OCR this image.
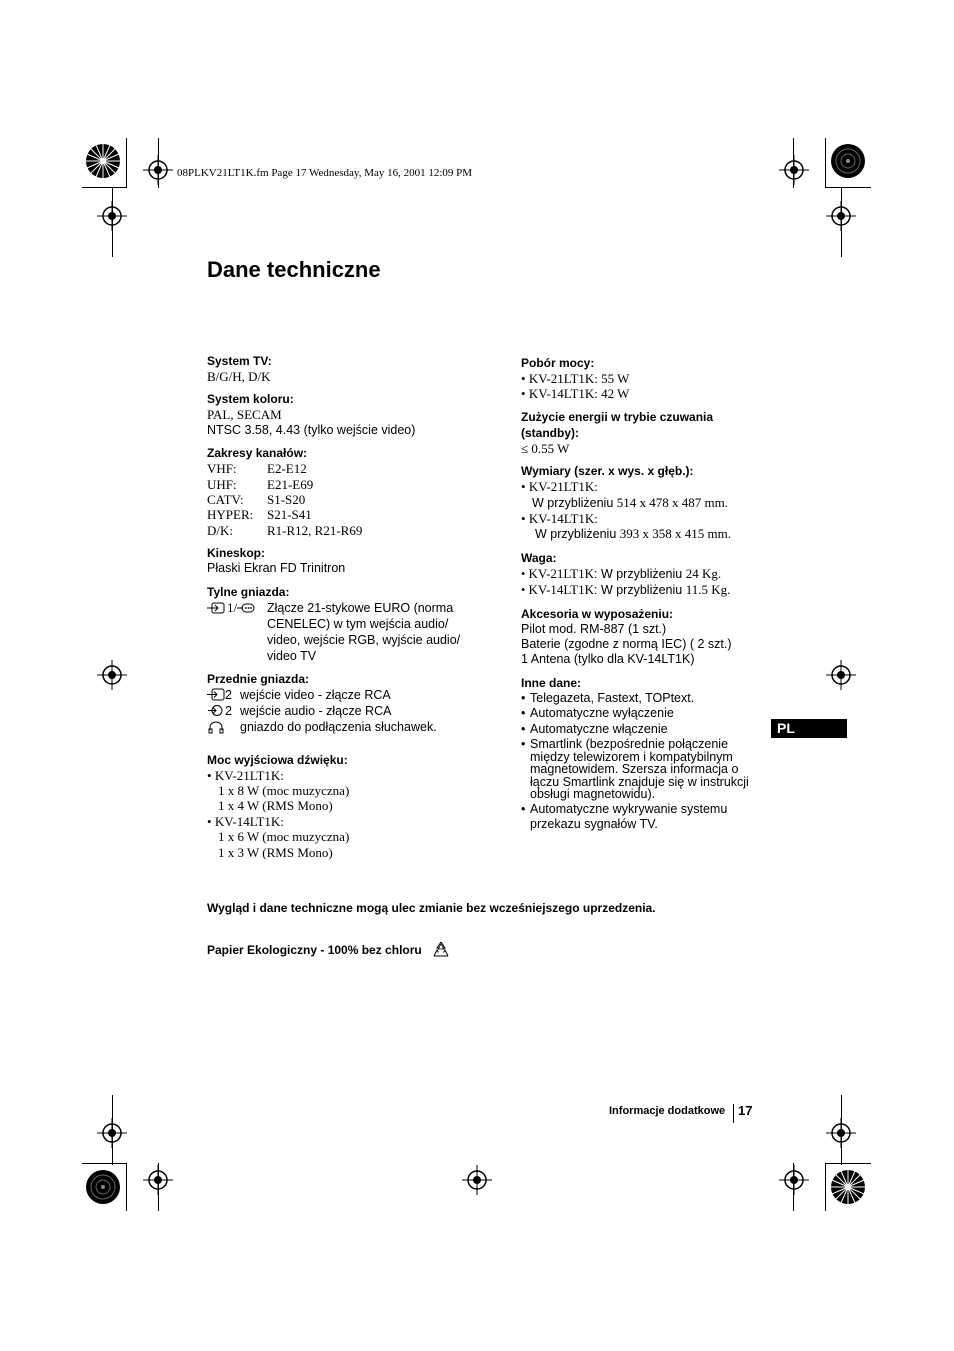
08PLKV21LT1K.fm Page 17 Wednesday, May 16, 2001 12:09 PM
Dane techniczne
System TV:
B/G/H, D/K
System koloru:
PAL, SECAM
NTSC 3.58, 4.43 (tylko wejście video)
Zakresy kanałów:
VHF:	E2-E12
UHF:	E21-E69
CATV:	S1-S20
HYPER:	S21-S41
D/K:	R1-R12, R21-R69
Kineskop:
Płaski Ekran FD Trinitron
Tylne gniazda:
1/ Złącze 21-stykowe EURO (norma
CENELEC) w tym wejścia audio/
video, wejście RGB, wyjście audio/
video TV
Przednie gniazda:
2 wejście video - złącze RCA
2 wejście audio - złącze RCA
gniazdo do podłączenia słuchawek.
Moc wyjściowa dźwięku:
• KV-21LT1K:
1 x 8 W (moc muzyczna)
1 x 4 W (RMS Mono)
• KV-14LT1K:
1 x 6 W (moc muzyczna)
1 x 3 W (RMS Mono)
Pobór mocy:
• KV-21LT1K: 55 W
• KV-14LT1K: 42 W
Zużycie energii w trybie czuwania
(standby):
≤ 0.55 W
Wymiary (szer. x wys. x głęb.):
• KV-21LT1K:
W przybliżeniu 514 x 478 x 487 mm.
• KV-14LT1K:
W przybliżeniu 393 x 358 x 415 mm.
Waga:
• KV-21LT1K: W przybliżeniu 24 Kg.
• KV-14LT1K: W przybliżeniu 11.5 Kg.
Akcesoria w wyposażeniu:
Pilot mod. RM-887 (1 szt.)
Baterie (zgodne z normą IEC) ( 2 szt.)
1 Antena (tylko dla KV-14LT1K)
Inne dane:
• Telegazeta, Fastext, TOPtext.
• Automatyczne wyłączenie
• Automatyczne włączenie
• Smartlink (bezpośrednie połączenie między telewizorem i kompatybilnym magnetowidem. Szersza informacja o łączu Smartlink znajduje się w instrukcji obsługi magnetowidu).
• Automatyczne wykrywanie systemu przekazu sygnałów TV.
PL
Wygląd i dane techniczne mogą ulec zmianie bez wcześniejszego uprzedzenia.
Papier Ekologiczny - 100% bez chloru
Informacje dodatkowe 17
